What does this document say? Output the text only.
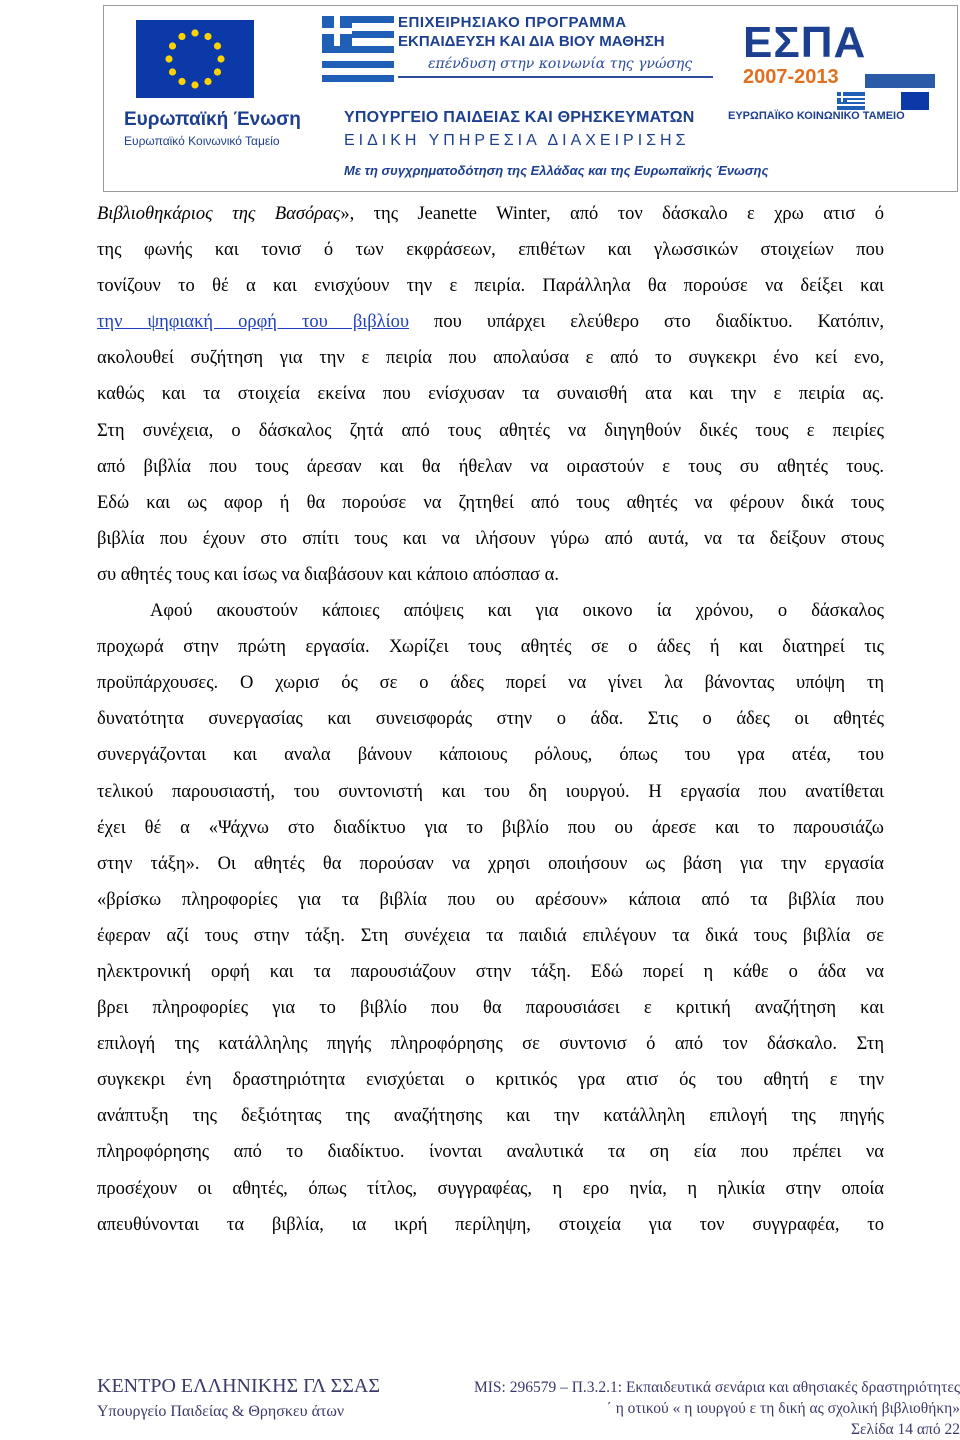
Ευρωπαϊκή Ένωση
Ευρωπαϊκό Κοινωνικό Ταμείο
ΕΠΙΧΕΙΡΗΣΙΑΚΟ ΠΡΟΓΡΑΜΜΑ
ΕΚΠΑΙΔΕΥΣΗ ΚΑΙ ΔΙΑ ΒΙΟΥ ΜΑΘΗΣΗ
επένδυση στην κοινωνία της γνώσης ΕΣΠΑ
2007-2013
ΕΥΡΩΠΑΪΚΟ ΚΟΙΝΩΝΙΚΟ ΤΑΜΕΙΟ
ΥΠΟΥΡΓΕΙΟ ΠΑΙΔΕΙΑΣ ΚΑΙ ΘΡΗΣΚΕΥΜΑΤΩΝ
ΕΙΔΙΚΗ ΥΠΗΡΕΣΙΑ ΔΙΑΧΕΙΡΙΣΗΣ
Με τη συγχρηματοδότηση της Ελλάδας και της Ευρωπαϊκής Ένωσης
Βιβλιοθηκάριος της Βασόρας», της Jeanette Winter, από τον δάσκαλο ε χρω ατισ ό
της φωνής και τονισ ό των εκφράσεων, επιθέτων και γλωσσικών στοιχείων που
τονίζουν το θέ α και ενισχύουν την ε πειρία. Παράλληλα θα πορούσε να δείξει και
την ψηφιακή ορφή του βιβλίου που υπάρχει ελεύθερο στο διαδίκτυο. Κατόπιν,
ακολουθεί συζήτηση για την ε πειρία που απολαύσα ε από το συγκεκρι ένο κεί ενο,
καθώς και τα στοιχεία εκείνα που ενίσχυσαν τα συναισθή ατα και την ε πειρία ας.
Στη συνέχεια, ο δάσκαλος ζητά από τους αθητές να διηγηθούν δικές τους ε πειρίες
από βιβλία που τους άρεσαν και θα ήθελαν να οιραστούν ε τους συ αθητές τους.
Εδώ και ως αφορ ή θα πορούσε να ζητηθεί από τους αθητές να φέρουν δικά τους
βιβλία που έχουν στο σπίτι τους και να ιλήσουν γύρω από αυτά, να τα δείξουν στους
συ αθητές τους και ίσως να διαβάσουν και κάποιο απόσπασ α.
Αφού ακουστούν κάποιες απόψεις και για οικονο ία χρόνου, ο δάσκαλος
προχωρά στην πρώτη εργασία. Χωρίζει τους αθητές σε ο άδες ή και διατηρεί τις
προϋπάρχουσες. Ο χωρισ ός σε ο άδες πορεί να γίνει λα βάνοντας υπόψη τη
δυνατότητα συνεργασίας και συνεισφοράς στην ο άδα. Στις ο άδες οι αθητές
συνεργάζονται και αναλα βάνουν κάποιους ρόλους, όπως του γρα ατέα, του
τελικού παρουσιαστή, του συντονιστή και του δη ιουργού. Η εργασία που ανατίθεται
έχει θέ α «Ψάχνω στο διαδίκτυο για το βιβλίο που ου άρεσε και το παρουσιάζω
στην τάξη». Οι αθητές θα πορούσαν να χρησι οποιήσουν ως βάση για την εργασία
«βρίσκω πληροφορίες για τα βιβλία που ου αρέσουν» κάποια από τα βιβλία που
έφεραν αζί τους στην τάξη. Στη συνέχεια τα παιδιά επιλέγουν τα δικά τους βιβλία σε
ηλεκτρονική ορφή και τα παρουσιάζουν στην τάξη. Εδώ πορεί η κάθε ο άδα να
βρει πληροφορίες για το βιβλίο που θα παρουσιάσει ε κριτική αναζήτηση και
επιλογή της κατάλληλης πηγής πληροφόρησης σε συντονισ ό από τον δάσκαλο. Στη
συγκεκρι ένη δραστηριότητα ενισχύεται ο κριτικός γρα ατισ ός του αθητή ε την
ανάπτυξη της δεξιότητας της αναζήτησης και την κατάλληλη επιλογή της πηγής
πληροφόρησης από το διαδίκτυο. ίνονται αναλυτικά τα ση εία που πρέπει να
προσέχουν οι αθητές, όπως τίτλος, συγγραφέας, η ερο ηνία, η ηλικία στην οποία
απευθύνονται τα βιβλία, ια ικρή περίληψη, στοιχεία για τον συγγραφέα, το
ΚΕΝΤΡΟ ΕΛΛΗΝΙΚΗΣ ΓΛ ΣΣΑΣ
Υπουργείο Παιδείας & Θρησκευ άτων
MIS: 296579 – Π.3.2.1: Εκπαιδευτικά σενάρια και αθησιακές δραστηριότητες
΄ η οτικού « η ιουργού ε τη δική ας σχολική βιβλιοθήκη»
Σελίδα 14 από 22
